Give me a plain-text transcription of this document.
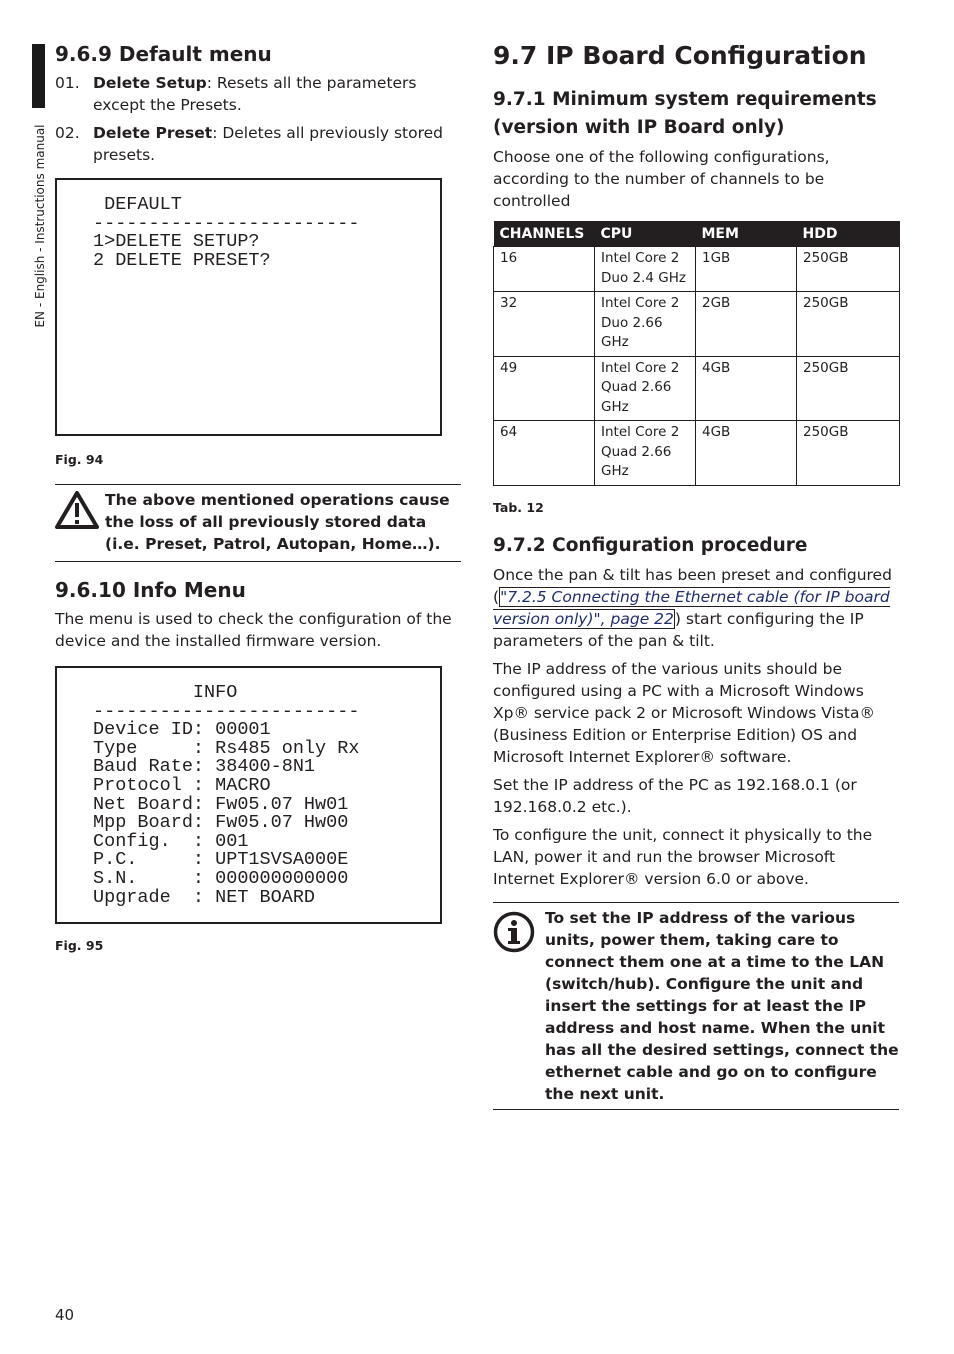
EN - English - Instructions manual
9.6.9 Default menu
01. Delete Setup: Resets all the parameters except the Presets.
02. Delete Preset: Deletes all previously stored presets.
DEFAULT
------------------------
1>DELETE SETUP?
2 DELETE PRESET?
Fig. 94
The above mentioned operations cause the loss of all previously stored data (i.e. Preset, Patrol, Autopan, Home…).
9.6.10 Info Menu

The menu is used to check the configuration of the device and the installed firmware version.

INFO
------------------------
Device ID: 00001
Type     : Rs485 only Rx
Baud Rate: 38400-8N1
Protocol : MACRO
Net Board: Fw05.07 Hw01
Mpp Board: Fw05.07 Hw00
Config.  : 001
P.C.     : UPT1SVSA000E
S.N.     : 000000000000
Upgrade  : NET BOARD
Fig. 95
9.7 IP Board Configuration
9.7.1 Minimum system requirements (version with IP Board only)

Choose one of the following configurations, according to the number of channels to be controlled

CHANNELS	CPU	MEM	HDD
16	Intel Core 2 Duo 2.4 GHz	1GB	250GB
32	Intel Core 2 Duo 2.66 GHz	2GB	250GB
49	Intel Core 2 Quad 2.66 GHz	4GB	250GB
64	Intel Core 2 Quad 2.66 GHz	4GB	250GB
Tab. 12
9.7.2 Configuration procedure

Once the pan & tilt has been preset and configured ("7.2.5 Connecting the Ethernet cable (for IP board version only)", page 22) start configuring the IP parameters of the pan & tilt.

The IP address of the various units should be configured using a PC with a Microsoft Windows Xp® service pack 2 or Microsoft Windows Vista® (Business Edition or Enterprise Edition) OS and Microsoft Internet Explorer® software.

Set the IP address of the PC as 192.168.0.1 (or 192.168.0.2 etc.).

To configure the unit, connect it physically to the LAN, power it and run the browser Microsoft Internet Explorer® version 6.0 or above.

To set the IP address of the various units, power them, taking care to connect them one at a time to the LAN (switch/hub). Configure the unit and insert the settings for at least the IP address and host name. When the unit has all the desired settings, connect the ethernet cable and go on to configure the next unit.
40
